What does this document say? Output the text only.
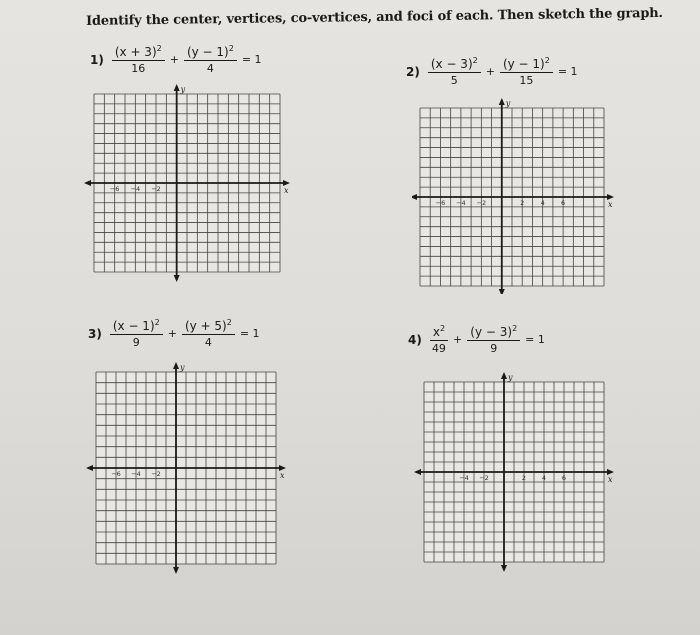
Identify the center, vertices, co-vertices, and foci of each. Then sketch the graph.
$1) \frac{(x + 3)^2}{16} + \frac{(y - 1)^2}{4} = 1$
$2) \frac{(x - 3)^2}{5} + \frac{(y - 1)^2}{15} = 1$
$3) \frac{(x - 1)^2}{9} + \frac{(y + 5)^2}{4} = 1$	$4) \frac{x^2}{49} + \frac{(y - 3)^2}{9} = 1$
x
y
−6 −4 −2
x
y
−6 −4 −2	2	4	6
x
y
−6 −4 −2
x
y
−4 −2	2 4 6
